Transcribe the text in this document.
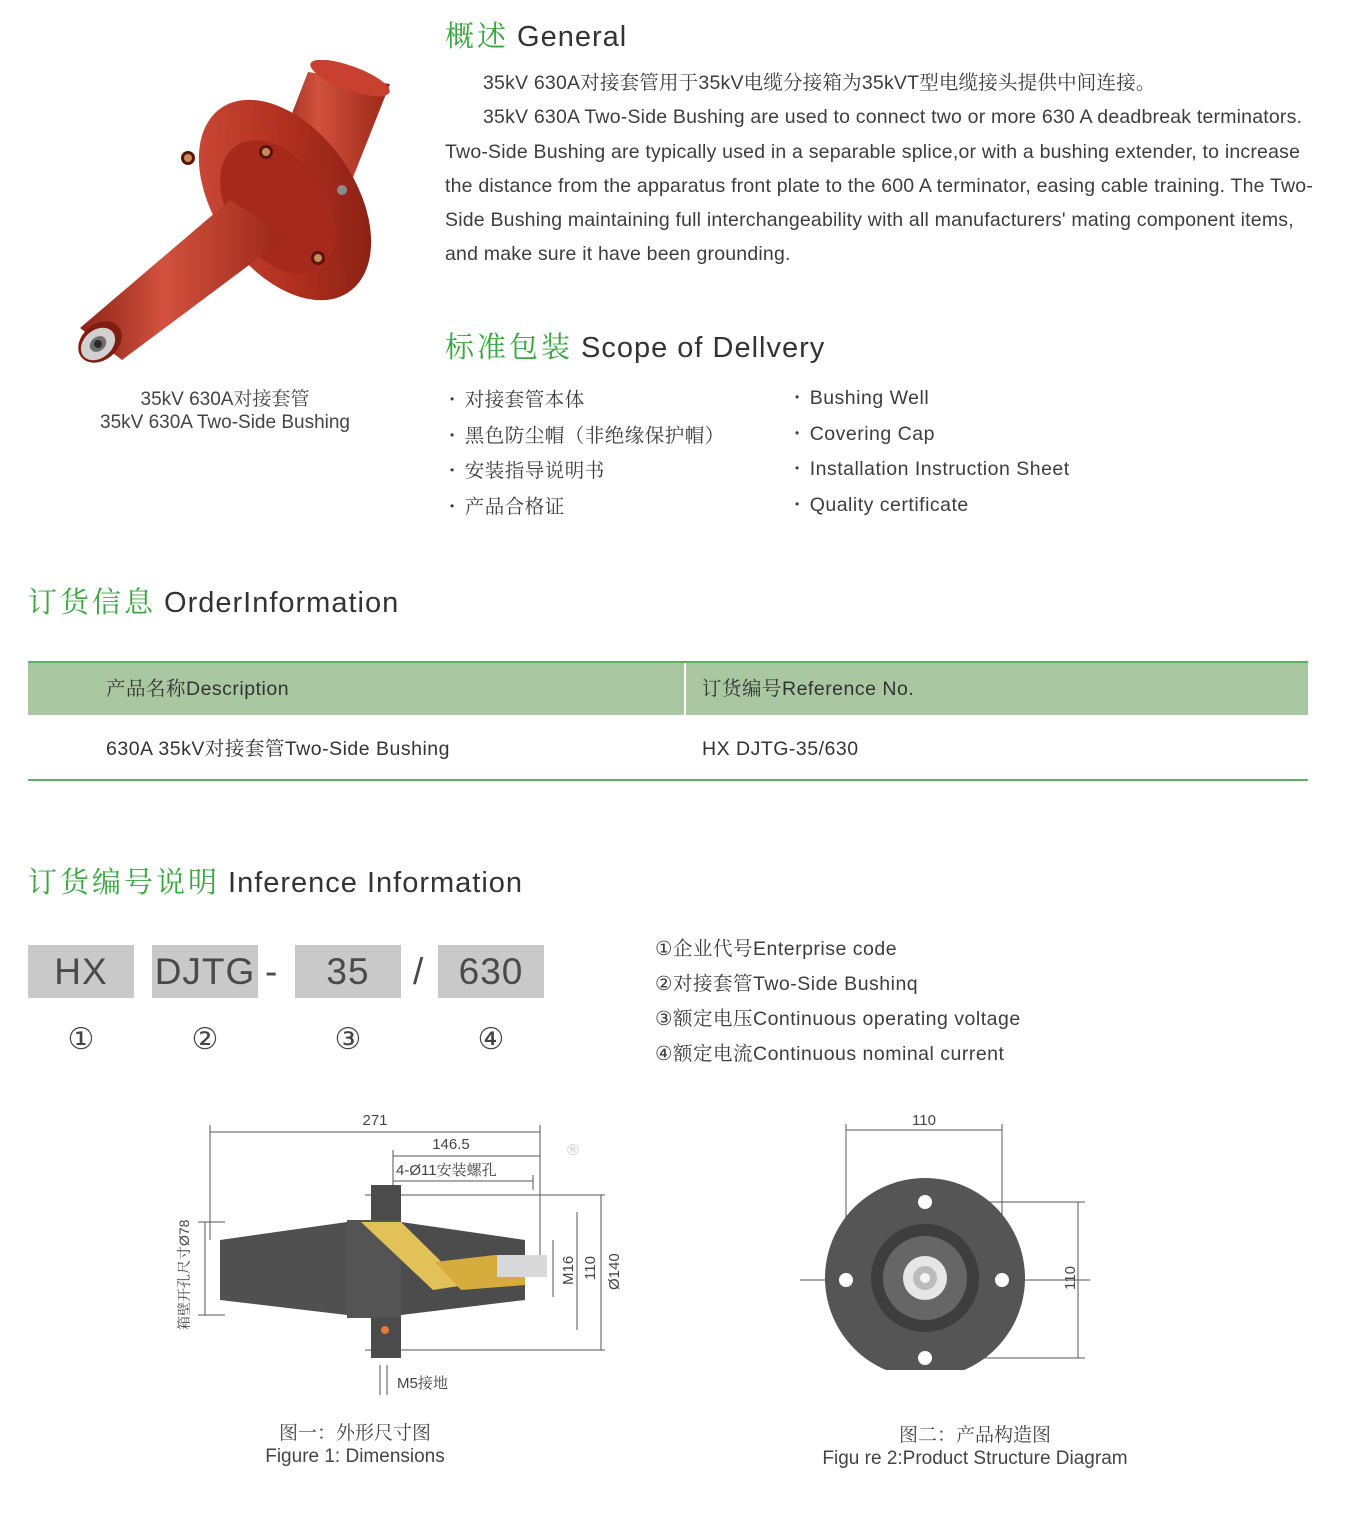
35kV 630A对接套管
35kV 630A Two-Side Bushing
概述 General

35kV 630A对接套管用于35kV电缆分接箱为35kVT型电缆接头提供中间连接。

35kV 630A Two-Side Bushing are used to connect two or more 630 A deadbreak terminators. Two-Side Bushing are typically used in a separable splice,or with a bushing extender, to increase the distance from the apparatus front plate to the 600 A terminator, easing cable training. The Two-Side Bushing maintaining full interchangeability with all manufacturers' mating component items, and make sure it have been grounding.

标准包装 Scope of Dellvery
• 对接套管本体
• 黑色防尘帽（非绝缘保护帽）
• 安装指导说明书
• 产品合格证
• Bushing Well
• Covering Cap
• Installation Instruction Sheet
• Quality certificate
订货信息 OrderInformation
产品名称Description	订货编号Reference No.
630A 35kV对接套管Two-Side Bushing	HX DJTG-35/630
订货编号说明 Inference Information
HX	DJTG -	35	/ 630
①	②	③	④
①企业代号Enterprise code
②对接套管Two-Side Bushinq
③额定电压Continuous operating voltage
④额定电流Continuous nominal current
271
146.5
4-Ø11安装螺孔
®
箱壁开孔尺寸Ø78	M16 110 Ø140
M5接地
图一：外形尺寸图
Figure 1: Dimensions
110
110
图二：产品构造图
Figu re 2:Product Structure Diagram
